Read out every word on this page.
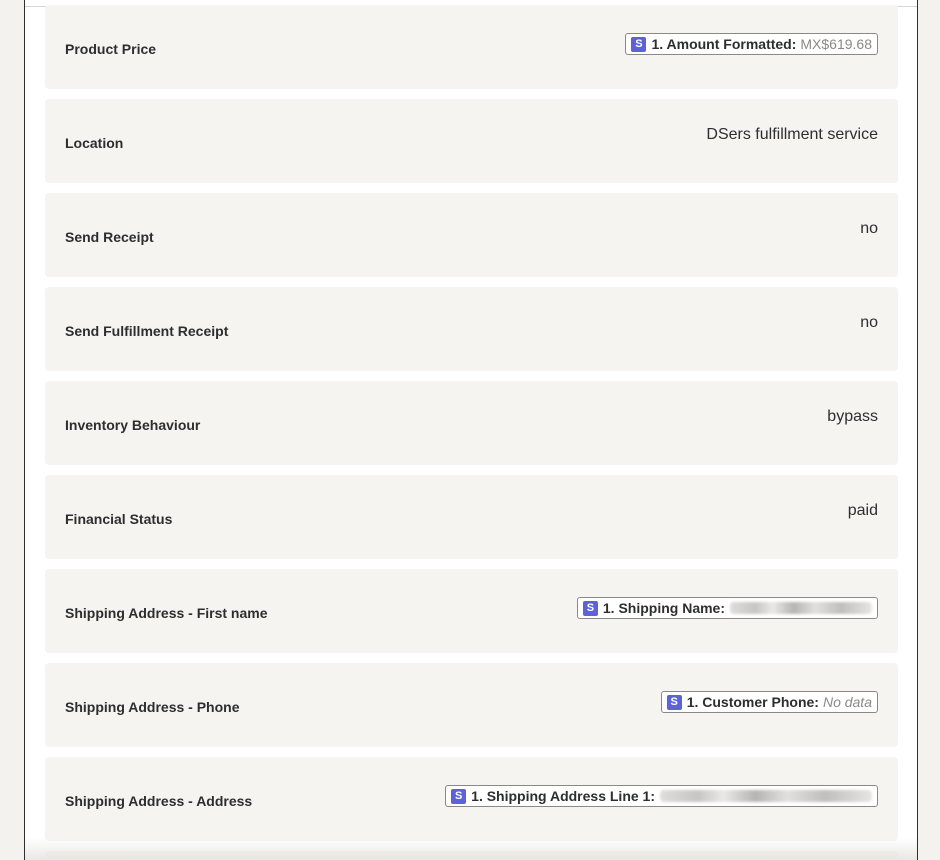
Product Price	S 1. Amount Formatted: MX$619.68
Location	DSers fulfillment service
Send Receipt	no
Send Fulfillment Receipt	no
Inventory Behaviour	bypass
Financial Status	paid
Shipping Address - First name	S 1. Shipping Name:
Shipping Address - Phone	S 1. Customer Phone: No data
Shipping Address - Address	S 1. Shipping Address Line 1:
